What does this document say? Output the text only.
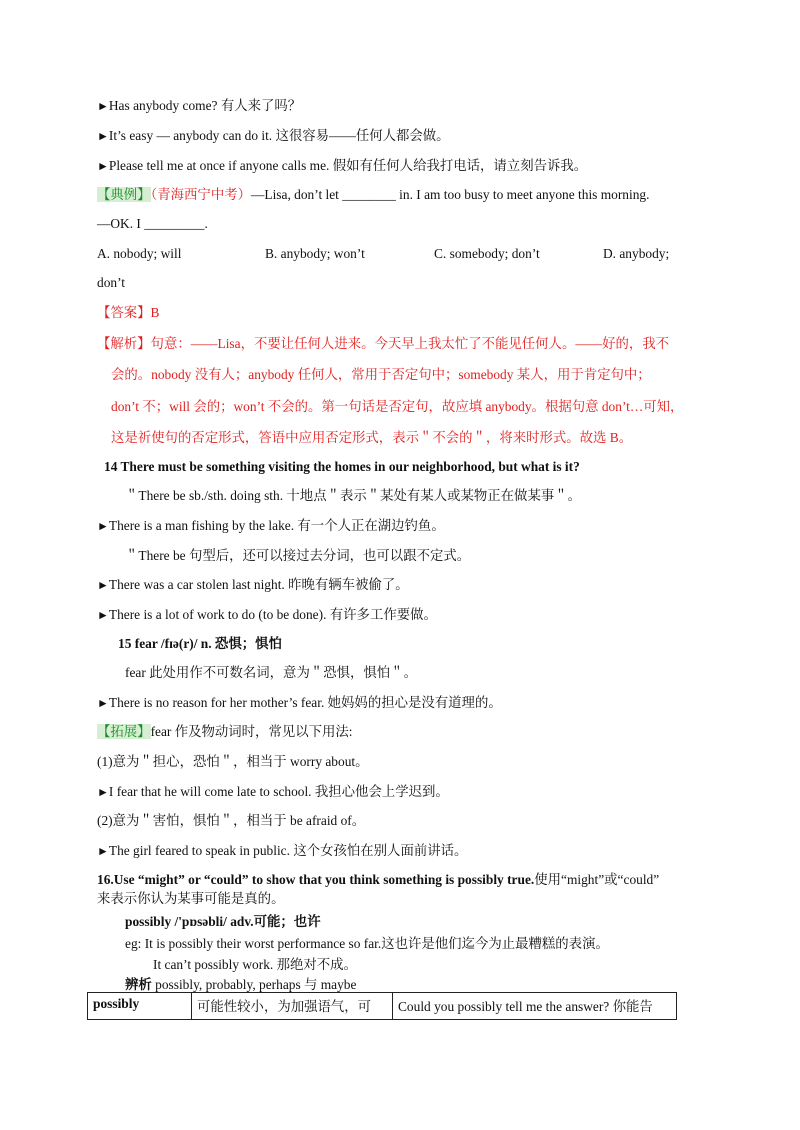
►Has anybody come? 有人来了吗？
►It’s easy — anybody can do it. 这很容易——任何人都会做。
►Please tell me at once if anyone calls me. 假如有任何人给我打电话，请立刻告诉我。
【典例】（青海西宁中考）—Lisa, don’t let ________ in. I am too busy to meet anyone this morning.
—OK. I _________.
A. nobody; will	B. anybody; won’t	C. somebody; don’t	D. anybody;
don’t
【答案】B
【解析】句意：——Lisa，不要让任何人进来。今天早上我太忙了不能见任何人。——好的，我不
会的。nobody 没有人；anybody 任何人，常用于否定句中；somebody 某人，用于肯定句中；
don’t 不；will 会的；won’t 不会的。第一句话是否定句，故应填 anybody。根据句意 don’t…可知，
这是祈使句的否定形式，答语中应用否定形式，表示＂不会的＂，将来时形式。故选 B。
14 There must be something visiting the homes in our neighborhood, but what is it?
＂There be sb./sth. doing sth. 十地点＂表示＂某处有某人或某物正在做某事＂。
►There is a man fishing by the lake. 有一个人正在湖边钓鱼。
＂There be 句型后，还可以接过去分词，也可以跟不定式。
►There was a car stolen last night. 昨晚有辆车被偷了。
►There is a lot of work to do (to be done). 有许多工作要做。
15 fear /fɪə(r)/ n. 恐惧；惧怕
fear 此处用作不可数名词，意为＂恐惧，惧怕＂。
►There is no reason for her mother’s fear. 她妈妈的担心是没有道理的。
【拓展】fear 作及物动词时，常见以下用法:
(1)意为＂担心，恐怕＂，相当于 worry about。
►I fear that he will come late to school. 我担心他会上学迟到。
(2)意为＂害怕，惧怕＂，相当于 be afraid of。
►The girl feared to speak in public. 这个女孩怕在别人面前讲话。
16.Use “might” or “could” to show that you think something is possibly true.使用“might”或“could”
来表示你认为某事可能是真的。
possibly /'pɒsəbli/ adv.可能；也许
eg: It is possibly their worst performance so far.这也许是他们迄今为止最糟糕的表演。
It can’t possibly work. 那绝对不成。
辨析 possibly, probably, perhaps 与 maybe
possibly	可能性较小，为加强语气，可	Could you possibly tell me the answer? 你能告
